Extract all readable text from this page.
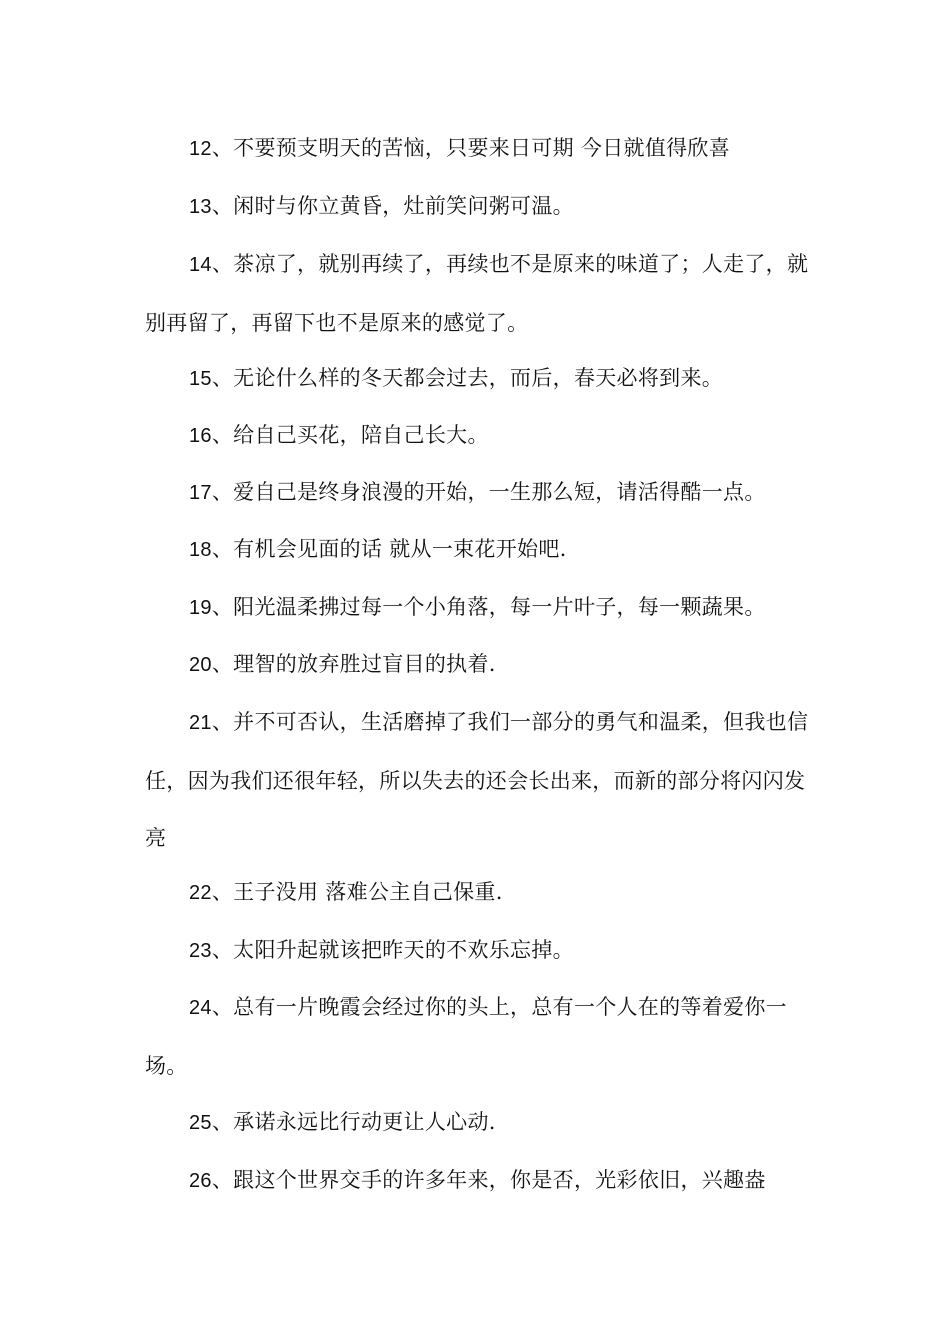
12、不要预支明天的苦恼，只要来日可期 今日就值得欣喜
13、闲时与你立黄昏，灶前笑问粥可温。
14、茶凉了，就别再续了，再续也不是原来的味道了；人走了，就别再留了，再留下也不是原来的感觉了。
15、无论什么样的冬天都会过去，而后，春天必将到来。
16、给自己买花，陪自己长大。
17、爱自己是终身浪漫的开始，一生那么短，请活得酷一点。
18、有机会见面的话 就从一束花开始吧.
19、阳光温柔拂过每一个小角落，每一片叶子，每一颗蔬果。
20、理智的放弃胜过盲目的执着.
21、并不可否认，生活磨掉了我们一部分的勇气和温柔，但我也信任，因为我们还很年轻，所以失去的还会长出来，而新的部分将闪闪发亮
22、王子没用 落难公主自己保重.
23、太阳升起就该把昨天的不欢乐忘掉。
24、总有一片晚霞会经过你的头上，总有一个人在的等着爱你一场。
25、承诺永远比行动更让人心动.
26、跟这个世界交手的许多年来，你是否，光彩依旧，兴趣盎
